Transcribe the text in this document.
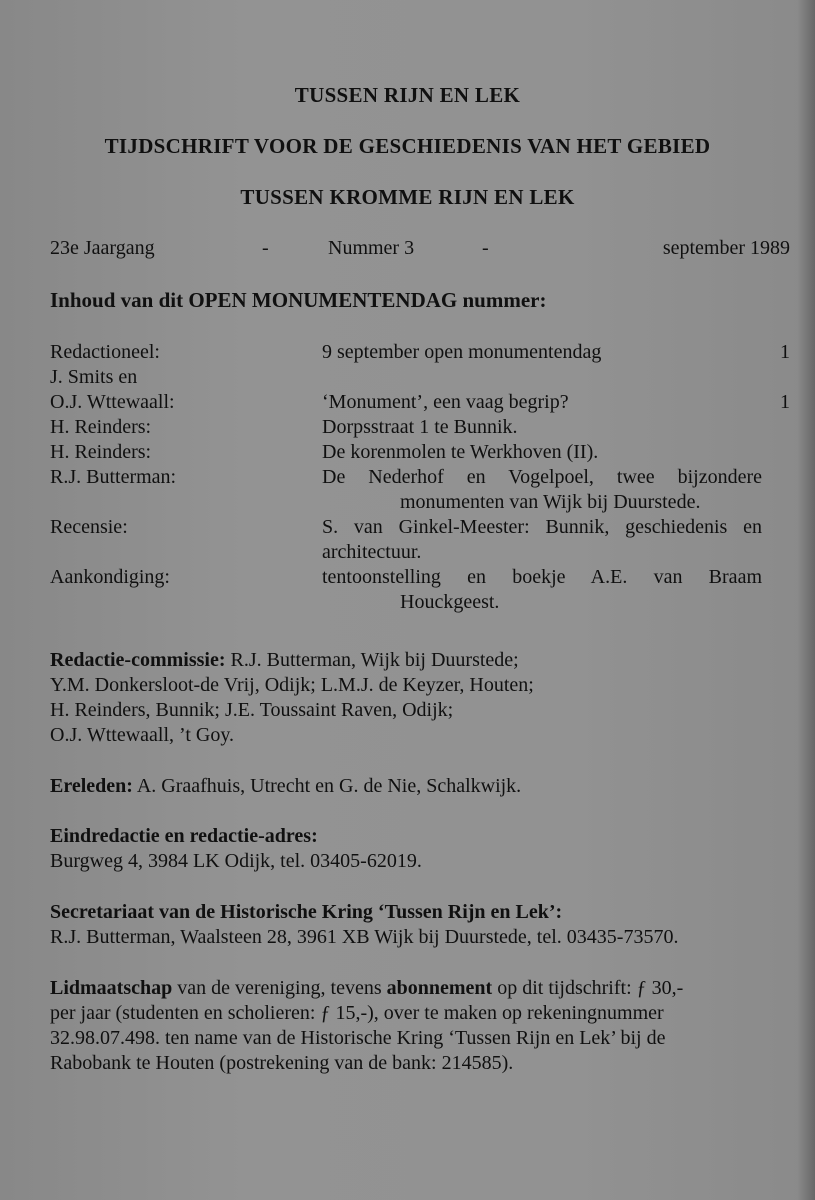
TUSSEN RIJN EN LEK
TIJDSCHRIFT VOOR DE GESCHIEDENIS VAN HET GEBIED
TUSSEN KROMME RIJN EN LEK
23e Jaargang	-	Nummer 3	-	september 1989
Inhoud van dit OPEN MONUMENTENDAG nummer:
Redactioneel:	9 september open monumentendag	1
J. Smits en

O.J. Wttewaall:	‘Monument’, een vaag begrip?	1
H. Reinders:	Dorpsstraat 1 te Bunnik.
H. Reinders:	De korenmolen te Werkhoven (II).
R.J. Butterman:	De Nederhof en Vogelpoel, twee bijzondere
monumenten van Wijk bij Duurstede.
Recensie:	S. van Ginkel-Meester: Bunnik, geschiedenis en
architectuur.
Aankondiging:	tentoonstelling en boekje A.E. van Braam
Houckgeest.
Redactie-commissie: R.J. Butterman, Wijk bij Duurstede;
Y.M. Donkersloot-de Vrij, Odijk; L.M.J. de Keyzer, Houten;
H. Reinders, Bunnik; J.E. Toussaint Raven, Odijk;
O.J. Wttewaall, ’t Goy.
Ereleden: A. Graafhuis, Utrecht en G. de Nie, Schalkwijk.
Eindredactie en redactie-adres:
Burgweg 4, 3984 LK Odijk, tel. 03405-62019.
Secretariaat van de Historische Kring ‘Tussen Rijn en Lek’:
R.J. Butterman, Waalsteen 28, 3961 XB Wijk bij Duurstede, tel. 03435-73570.
Lidmaatschap van de vereniging, tevens abonnement op dit tijdschrift: ƒ 30,-
per jaar (studenten en scholieren: ƒ 15,-), over te maken op rekeningnummer
32.98.07.498. ten name van de Historische Kring ‘Tussen Rijn en Lek’ bij de
Rabobank te Houten (postrekening van de bank: 214585).
